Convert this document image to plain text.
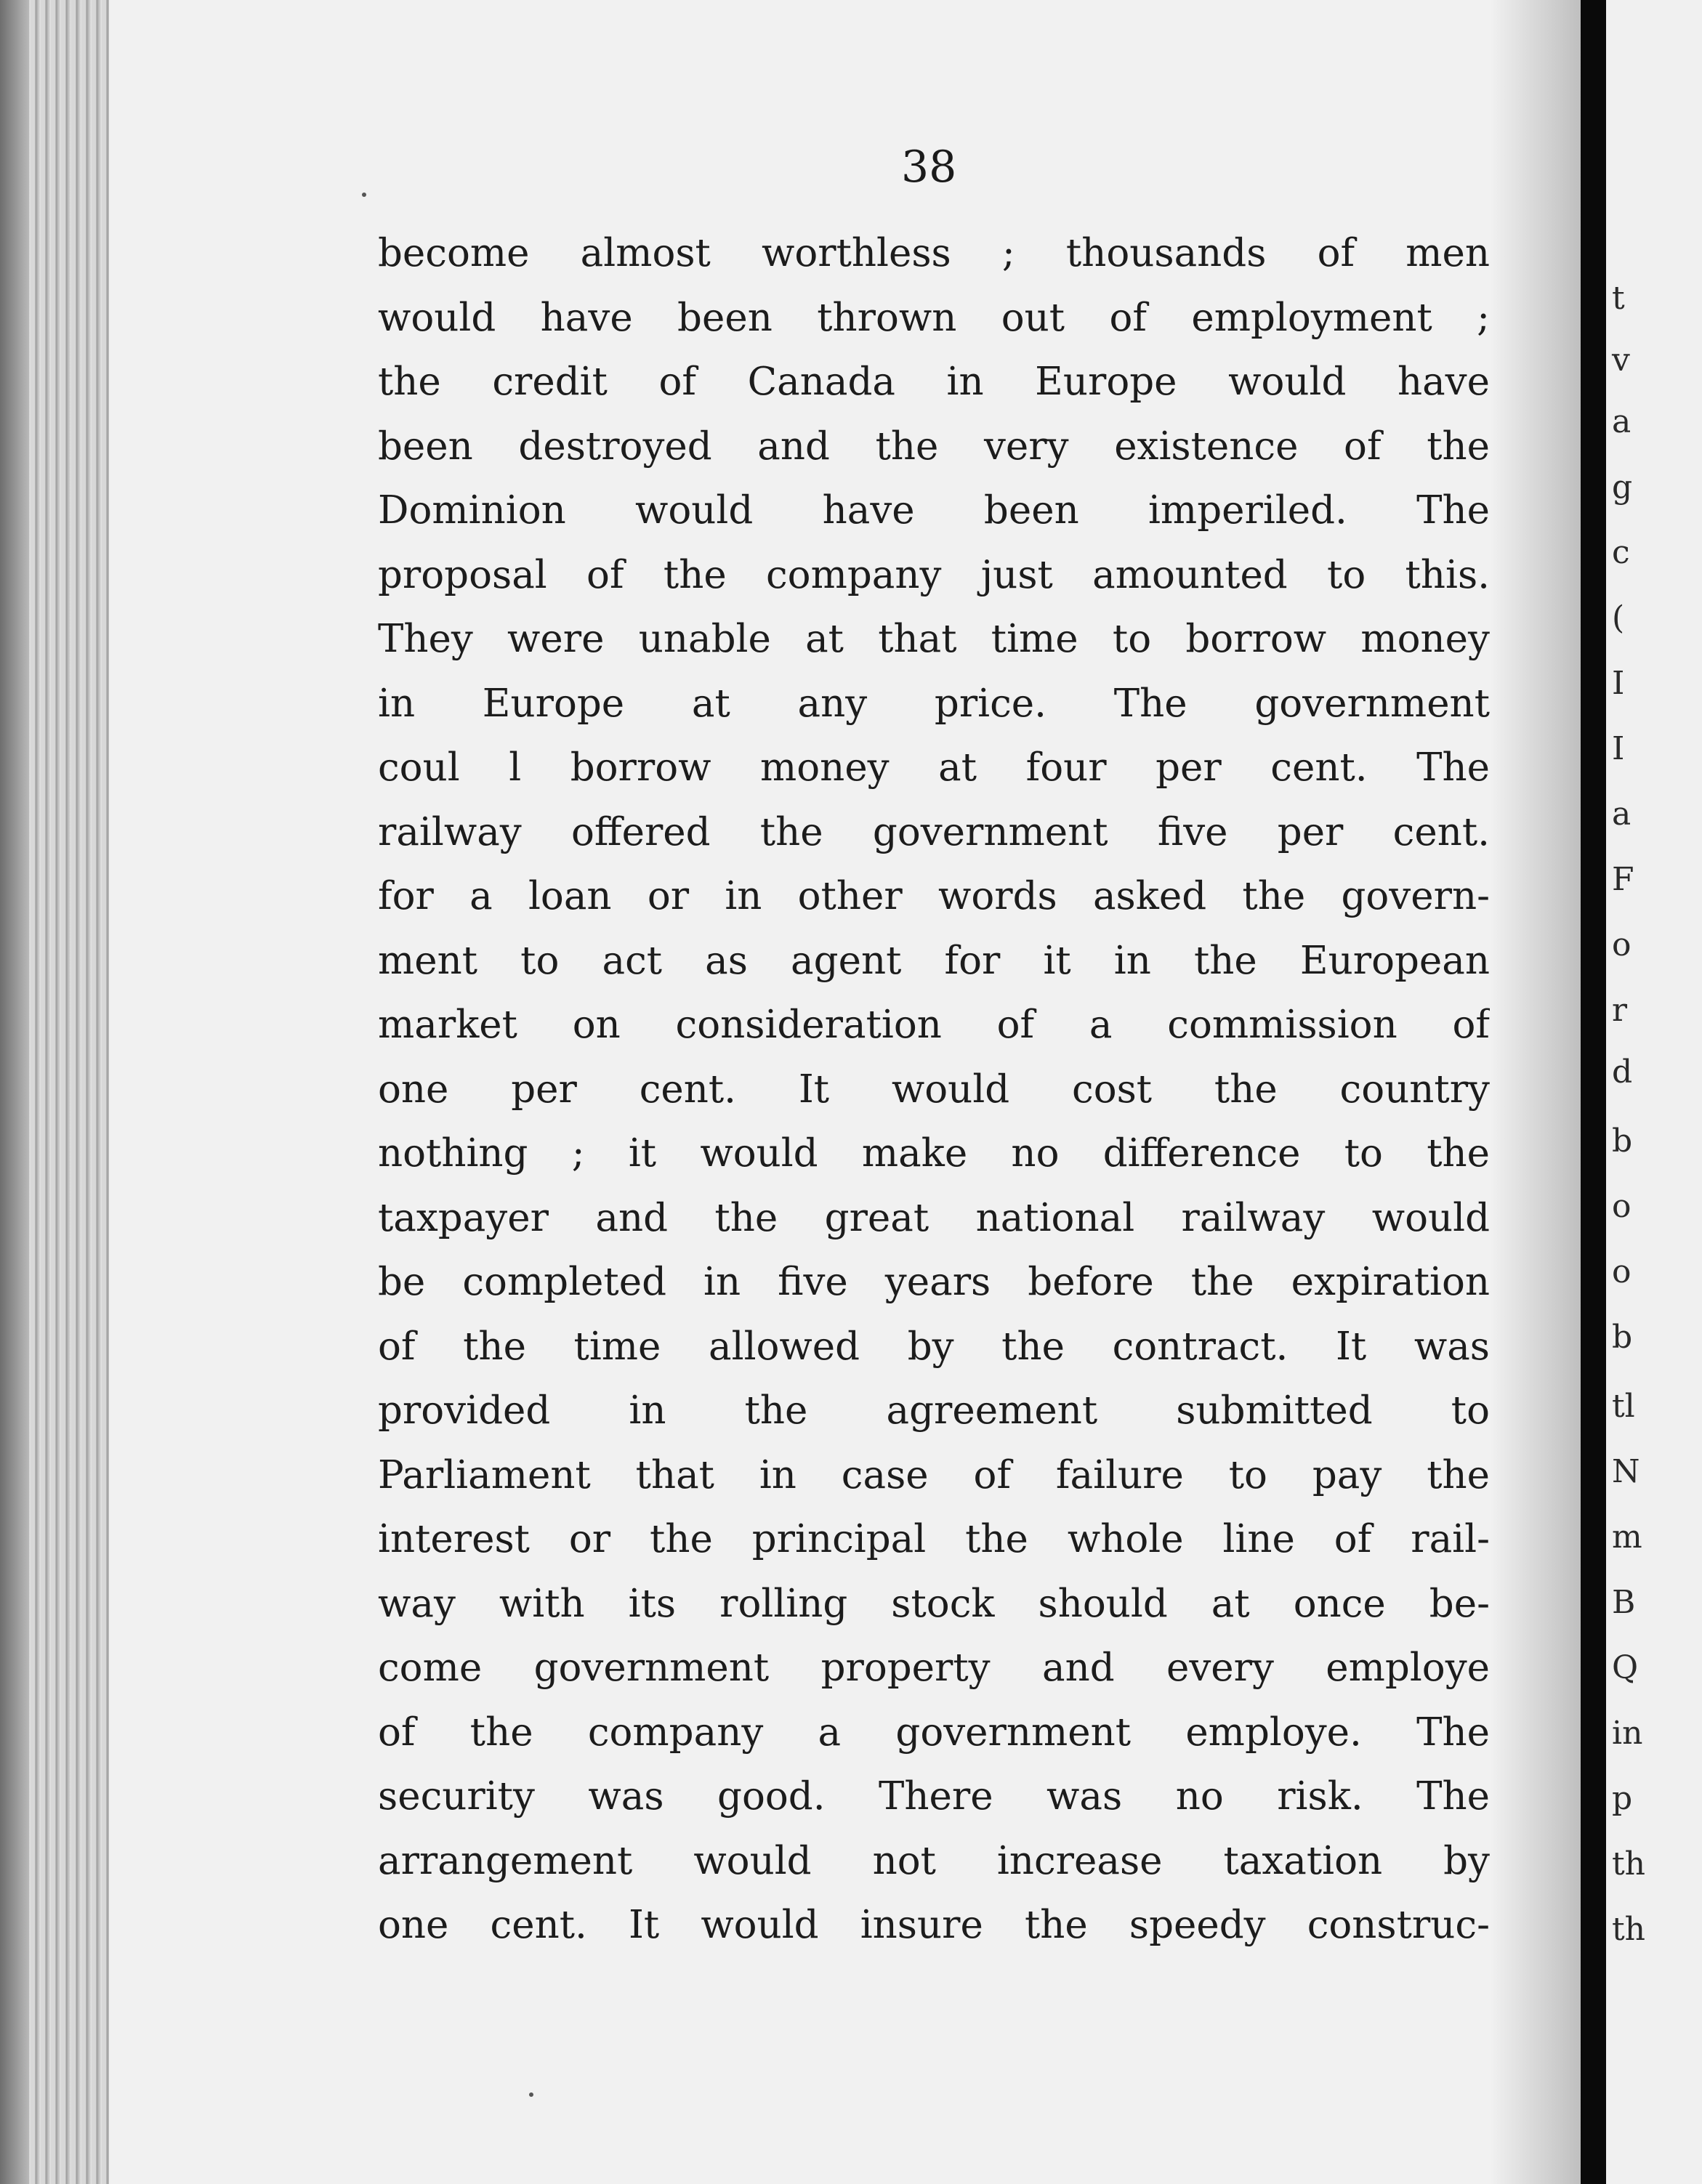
38
become almost worthless ; thousands of men
would have been thrown out of employment ;
the credit of Canada in Europe would have
been destroyed and the very existence of the
Dominion would have been imperiled. The
proposal of the company just amounted to this.
They were unable at that time to borrow money
in Europe at any price. The government
coul l borrow money at four per cent. The
railway offered the government five per cent.
for a loan or in other words asked the govern-
ment to act as agent for it in the European
market on consideration of a commission of
one per cent. It would cost the country
nothing ; it would make no difference to the
taxpayer and the great national railway would
be completed in five years before the expiration
of the time allowed by the contract. It was
provided in the agreement submitted to
Parliament that in case of failure to pay the
interest or the principal the whole line of rail-
way with its rolling stock should at once be-
come government property and every employe
of the company a government employe. The
security was good. There was no risk. The
arrangement would not increase taxation by
one cent. It would insure the speedy construc-
t
v
a
g
c
(
I
I
a
F
o
r
d
b
o
o
b
tl
N
m
B
Q
in
p
th
th
